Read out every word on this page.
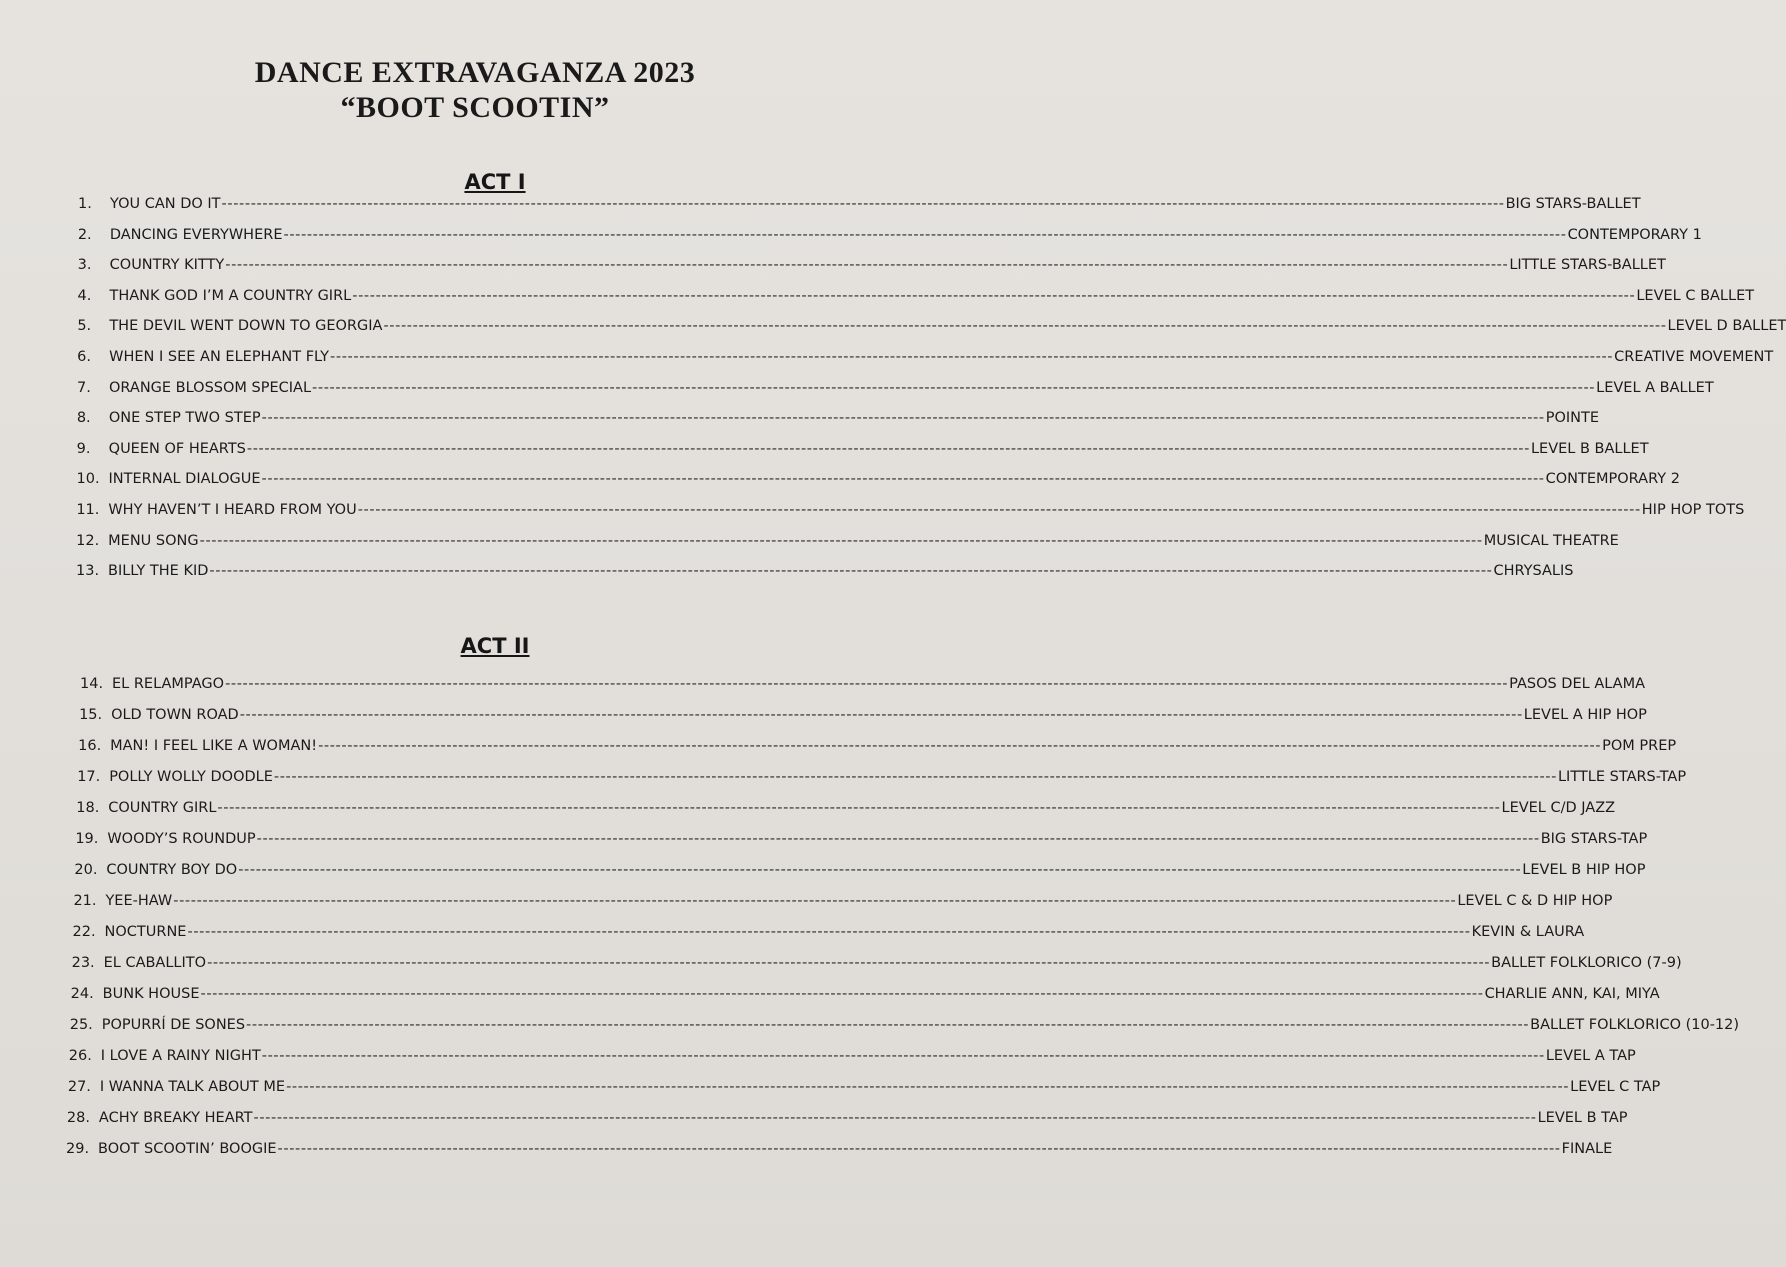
DANCE EXTRAVAGANZA 2023
“BOOT SCOOTIN”
ACT I
1.	YOU CAN DO IT ---------------------------------------------------------------------------------------------------------------------------------------------------------------------------------------------------------------------------- BIG STARS-BALLET
2.	DANCING EVERYWHERE ---------------------------------------------------------------------------------------------------------------------------------------------------------------------------------------------------------------------------- CONTEMPORARY 1
3.	COUNTRY KITTY ---------------------------------------------------------------------------------------------------------------------------------------------------------------------------------------------------------------------------- LITTLE STARS-BALLET
4.	THANK GOD I’M A COUNTRY GIRL ---------------------------------------------------------------------------------------------------------------------------------------------------------------------------------------------------------------------------- LEVEL C BALLET
5.	THE DEVIL WENT DOWN TO GEORGIA ---------------------------------------------------------------------------------------------------------------------------------------------------------------------------------------------------------------------------- LEVEL D BALLET
6.	WHEN I SEE AN ELEPHANT FLY ---------------------------------------------------------------------------------------------------------------------------------------------------------------------------------------------------------------------------- CREATIVE MOVEMENT
7.	ORANGE BLOSSOM SPECIAL ---------------------------------------------------------------------------------------------------------------------------------------------------------------------------------------------------------------------------- LEVEL A BALLET
8.	ONE STEP TWO STEP ---------------------------------------------------------------------------------------------------------------------------------------------------------------------------------------------------------------------------- POINTE
9.	QUEEN OF HEARTS ---------------------------------------------------------------------------------------------------------------------------------------------------------------------------------------------------------------------------- LEVEL B BALLET
10. INTERNAL DIALOGUE ---------------------------------------------------------------------------------------------------------------------------------------------------------------------------------------------------------------------------- CONTEMPORARY 2
11. WHY HAVEN’T I HEARD FROM YOU ---------------------------------------------------------------------------------------------------------------------------------------------------------------------------------------------------------------------------- HIP HOP TOTS
12. MENU SONG ---------------------------------------------------------------------------------------------------------------------------------------------------------------------------------------------------------------------------- MUSICAL THEATRE
13. BILLY THE KID ---------------------------------------------------------------------------------------------------------------------------------------------------------------------------------------------------------------------------- CHRYSALIS
ACT II
14. EL RELAMPAGO ---------------------------------------------------------------------------------------------------------------------------------------------------------------------------------------------------------------------------- PASOS DEL ALAMA
15. OLD TOWN ROAD ---------------------------------------------------------------------------------------------------------------------------------------------------------------------------------------------------------------------------- LEVEL A HIP HOP
16. MAN! I FEEL LIKE A WOMAN! ---------------------------------------------------------------------------------------------------------------------------------------------------------------------------------------------------------------------------- POM PREP
17. POLLY WOLLY DOODLE ---------------------------------------------------------------------------------------------------------------------------------------------------------------------------------------------------------------------------- LITTLE STARS-TAP
18. COUNTRY GIRL ---------------------------------------------------------------------------------------------------------------------------------------------------------------------------------------------------------------------------- LEVEL C/D JAZZ
19. WOODY’S ROUNDUP ---------------------------------------------------------------------------------------------------------------------------------------------------------------------------------------------------------------------------- BIG STARS-TAP
20. COUNTRY BOY DO ---------------------------------------------------------------------------------------------------------------------------------------------------------------------------------------------------------------------------- LEVEL B HIP HOP
21. YEE-HAW ---------------------------------------------------------------------------------------------------------------------------------------------------------------------------------------------------------------------------- LEVEL C & D HIP HOP
22. NOCTURNE ---------------------------------------------------------------------------------------------------------------------------------------------------------------------------------------------------------------------------- KEVIN & LAURA
23. EL CABALLITO ---------------------------------------------------------------------------------------------------------------------------------------------------------------------------------------------------------------------------- BALLET FOLKLORICO (7-9)
24. BUNK HOUSE ---------------------------------------------------------------------------------------------------------------------------------------------------------------------------------------------------------------------------- CHARLIE ANN, KAI, MIYA
25. POPURRÍ DE SONES ---------------------------------------------------------------------------------------------------------------------------------------------------------------------------------------------------------------------------- BALLET FOLKLORICO (10-12)
26. I LOVE A RAINY NIGHT ---------------------------------------------------------------------------------------------------------------------------------------------------------------------------------------------------------------------------- LEVEL A TAP
27. I WANNA TALK ABOUT ME ---------------------------------------------------------------------------------------------------------------------------------------------------------------------------------------------------------------------------- LEVEL C TAP
28. ACHY BREAKY HEART ---------------------------------------------------------------------------------------------------------------------------------------------------------------------------------------------------------------------------- LEVEL B TAP
29. BOOT SCOOTIN’ BOOGIE ---------------------------------------------------------------------------------------------------------------------------------------------------------------------------------------------------------------------------- FINALE
